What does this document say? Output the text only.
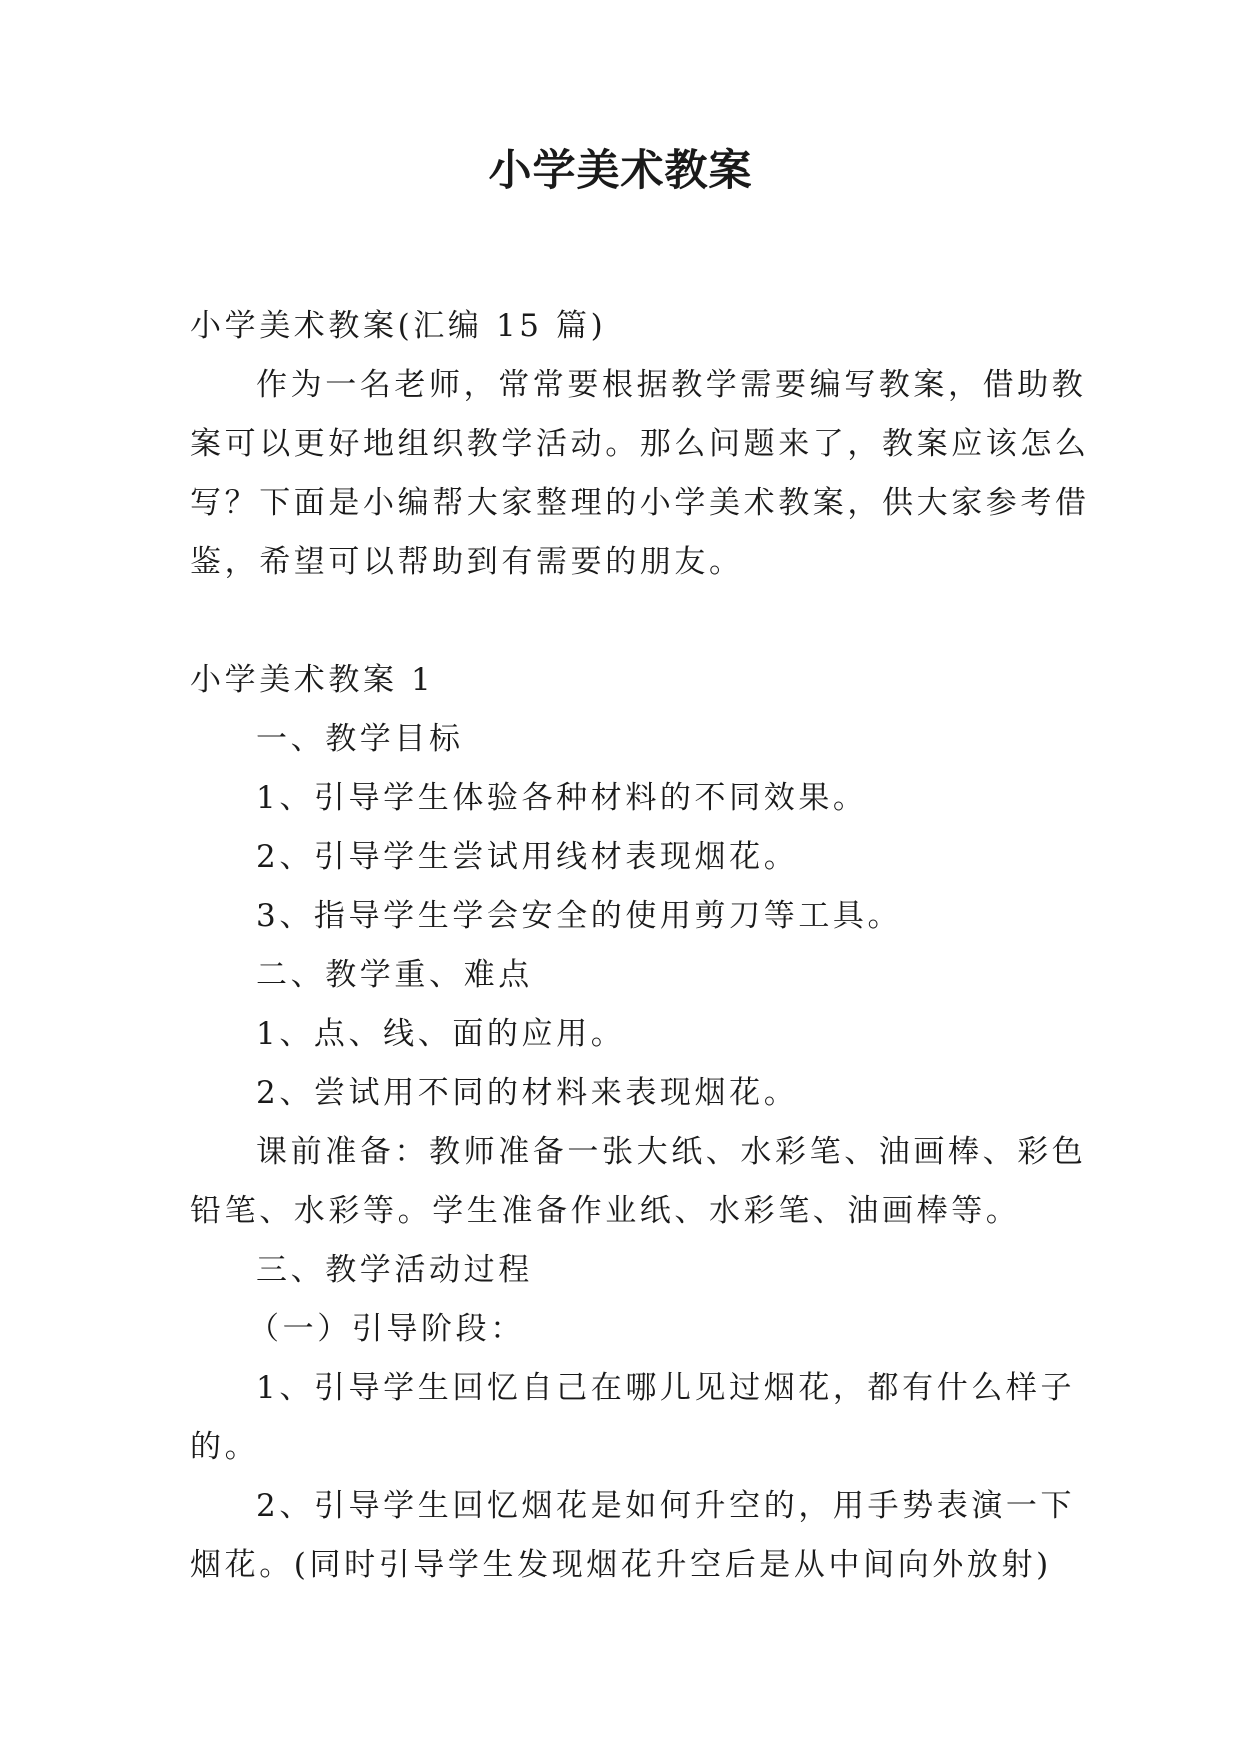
小学美术教案

小学美术教案(汇编 15 篇)

作为一名老师，常常要根据教学需要编写教案，借助教

案可以更好地组织教学活动。那么问题来了，教案应该怎么

写？下面是小编帮大家整理的小学美术教案，供大家参考借

鉴，希望可以帮助到有需要的朋友。

小学美术教案 1

一、教学目标

1、引导学生体验各种材料的不同效果。

2、引导学生尝试用线材表现烟花。

3、指导学生学会安全的使用剪刀等工具。

二、教学重、难点

1、点、线、面的应用。

2、尝试用不同的材料来表现烟花。

课前准备：教师准备一张大纸、水彩笔、油画棒、彩色

铅笔、水彩等。学生准备作业纸、水彩笔、油画棒等。

三、教学活动过程

（一）引导阶段：

1、引导学生回忆自己在哪儿见过烟花，都有什么样子

的。

2、引导学生回忆烟花是如何升空的，用手势表演一下

烟花。(同时引导学生发现烟花升空后是从中间向外放射)
